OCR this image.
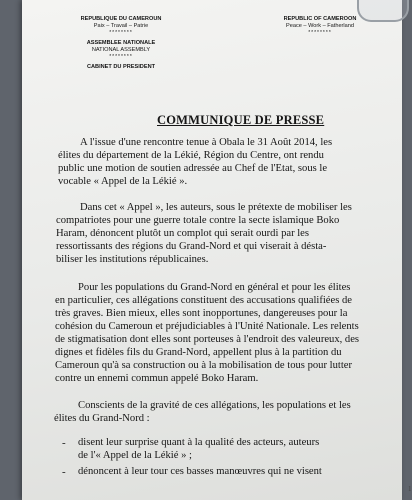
REPUBLIQUE DU CAMEROUN
Paix – Travail – Patrie
********
ASSEMBLEE NATIONALE
NATIONAL ASSEMBLY
********
CABINET DU PRESIDENT
REPUBLIC OF CAMEROON
Peace – Work – Fatherland
********
COMMUNIQUE DE PRESSE
A l'issue d'une rencontre tenue à Obala le 31 Août 2014, les
élites du département de la Lékié, Région du Centre, ont rendu
public une motion de soutien adressée au Chef de l'Etat, sous le
vocable « Appel de la Lékié ».
Dans cet « Appel », les auteurs, sous le prétexte de mobiliser les
compatriotes pour une guerre totale contre la secte islamique Boko
Haram, dénoncent plutôt un complot qui serait ourdi par les
ressortissants des régions du Grand-Nord et qui viserait à désta-
biliser les institutions républicaines.
Pour les populations du Grand-Nord en général et pour les élites
en particulier, ces allégations constituent des accusations qualifiées de
très graves. Bien mieux, elles sont inopportunes, dangereuses pour la
cohésion du Cameroun et préjudiciables à l'Unité Nationale. Les relents
de stigmatisation dont elles sont porteuses à l'endroit des valeureux, des
dignes et fidèles fils du Grand-Nord, appellent plus à la partition du
Cameroun qu'à sa construction ou à la mobilisation de tous pour lutter
contre un ennemi commun appelé Boko Haram.
Conscients de la gravité de ces allégations, les populations et les
élites du Grand-Nord :
- disent leur surprise quant à la qualité des acteurs, auteurs
de l'« Appel de la Lékié » ;
- dénoncent à leur tour ces basses manœuvres qui ne visent
1
